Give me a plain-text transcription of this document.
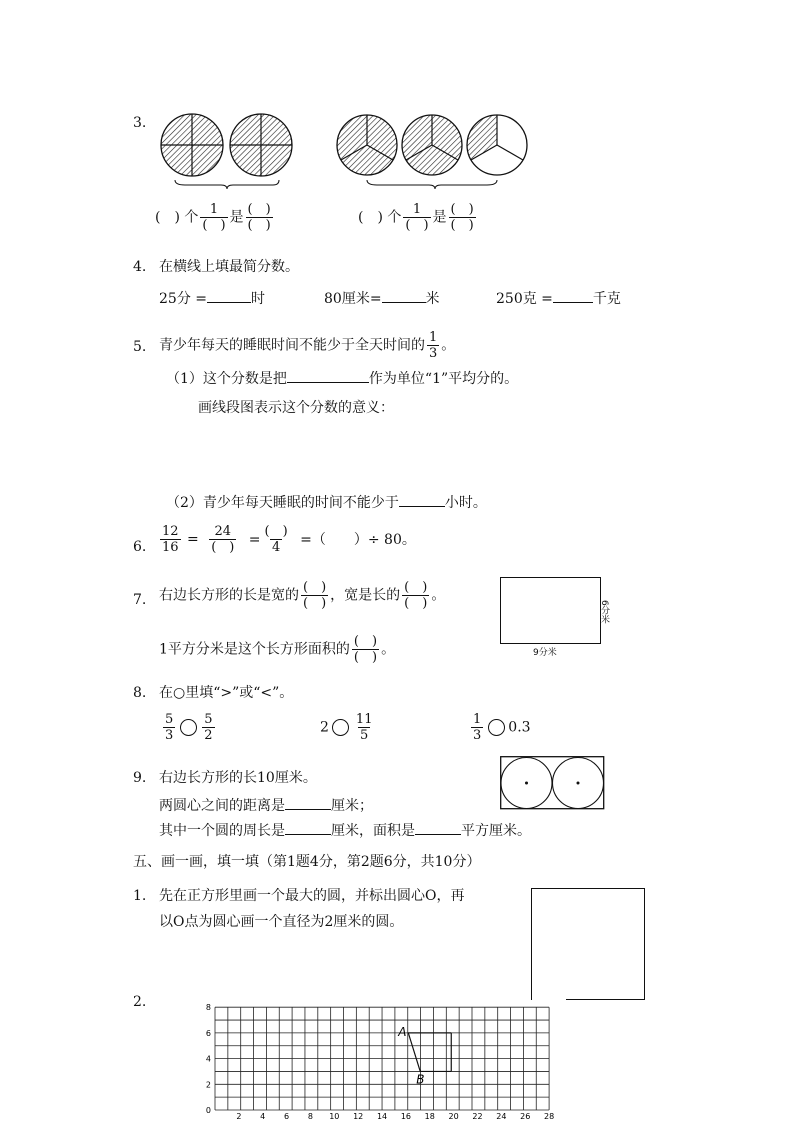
3.
(　) 个 $\frac{1}{( )}$ 是 $\frac{( )}{( )}$	(　) 个 $\frac{1}{( )}$ 是 $\frac{( )}{( )}$
4. 在横线上填最简分数。
25分 =	时	80厘米=	米	250克 =	千克
5. 青少年每天的睡眠时间不能少于全天时间的 $\frac{1}{3}$ 。
（1）这个分数是把	作为单位“1”平均分的。
画线段图表示这个分数的意义：
（2）青少年每天睡眠的时间不能少于	小时。
6. $\frac{12}{16} = \frac{24}{( )} = \frac{( )}{4}$ =（　　）÷ 80。
7. 右边长方形的长是宽的 $\frac{( )}{( )}$ ，宽是长的 $\frac{( )}{( )}$ 。
1平方分米是这个长方形面积的 $\frac{( )}{( )}$ 。
6分米
9分米
8. 在○里填“>”或“<”。
$\frac{5}{3} \frac{5}{2}$	$2 \frac{11}{5}$	$\frac{1}{3} 0.3$
9. 右边长方形的长10厘米。
两圆心之间的距离是	厘米；
其中一个圆的周长是	厘米，面积是	平方厘米。
五、画一画，填一填（第1题4分，第2题6分，共10分）
1. 先在正方形里画一个最大的圆，并标出圆心O，再
以O点为圆心画一个直径为2厘米的圆。
2.
0
2
4
6
8
2 4 6 8 10 12 14 16 18 20 22 24 26 28
A
B
